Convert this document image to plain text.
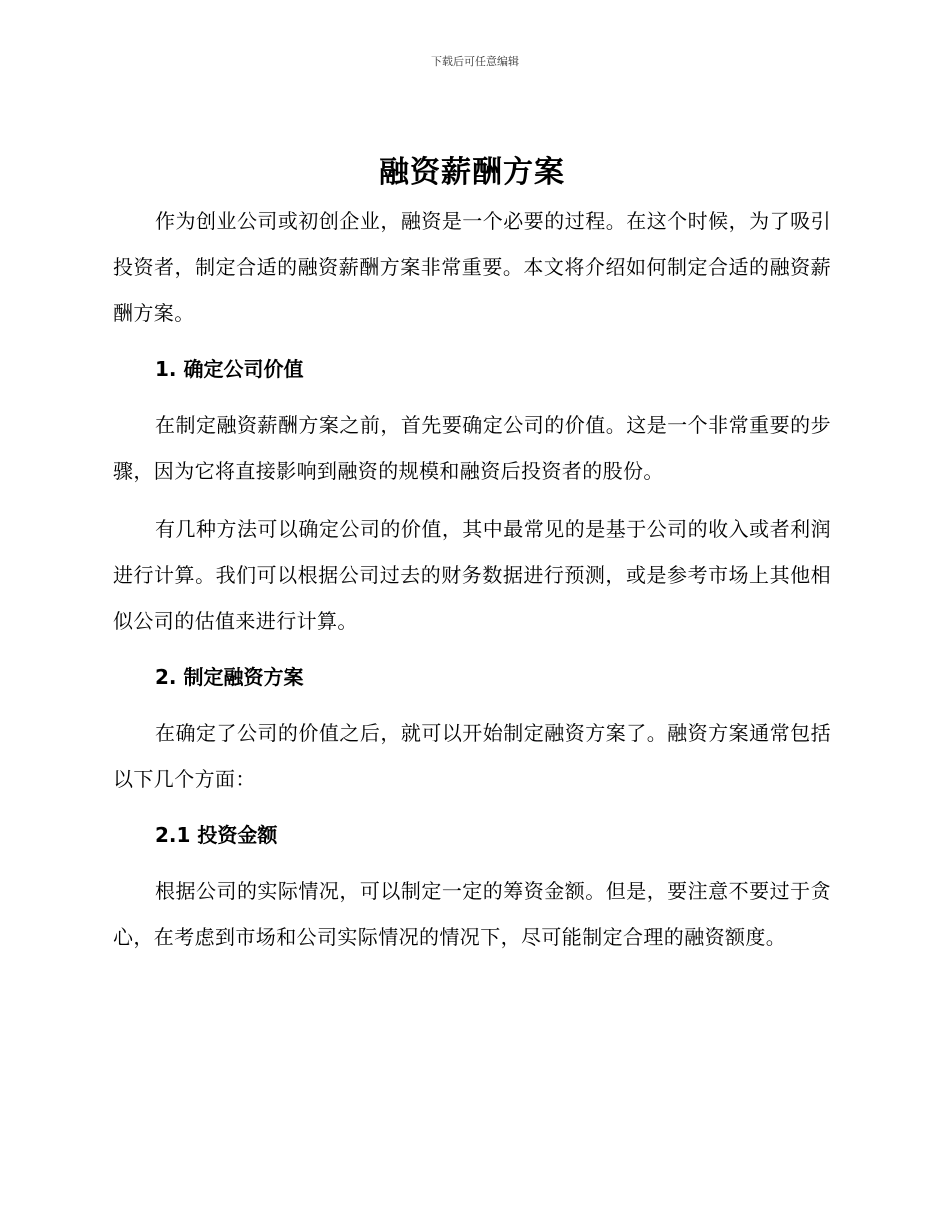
下载后可任意编辑
融资薪酬方案

作为创业公司或初创企业，融资是一个必要的过程。在这个时候，为了吸引投资者，制定合适的融资薪酬方案非常重要。本文将介绍如何制定合适的融资薪酬方案。

1. 确定公司价值

在制定融资薪酬方案之前，首先要确定公司的价值。这是一个非常重要的步骤，因为它将直接影响到融资的规模和融资后投资者的股份。

有几种方法可以确定公司的价值，其中最常见的是基于公司的收入或者利润进行计算。我们可以根据公司过去的财务数据进行预测，或是参考市场上其他相似公司的估值来进行计算。

2. 制定融资方案

在确定了公司的价值之后，就可以开始制定融资方案了。融资方案通常包括以下几个方面：

2.1 投资金额

根据公司的实际情况，可以制定一定的筹资金额。但是，要注意不要过于贪心，在考虑到市场和公司实际情况的情况下，尽可能制定合理的融资额度。
